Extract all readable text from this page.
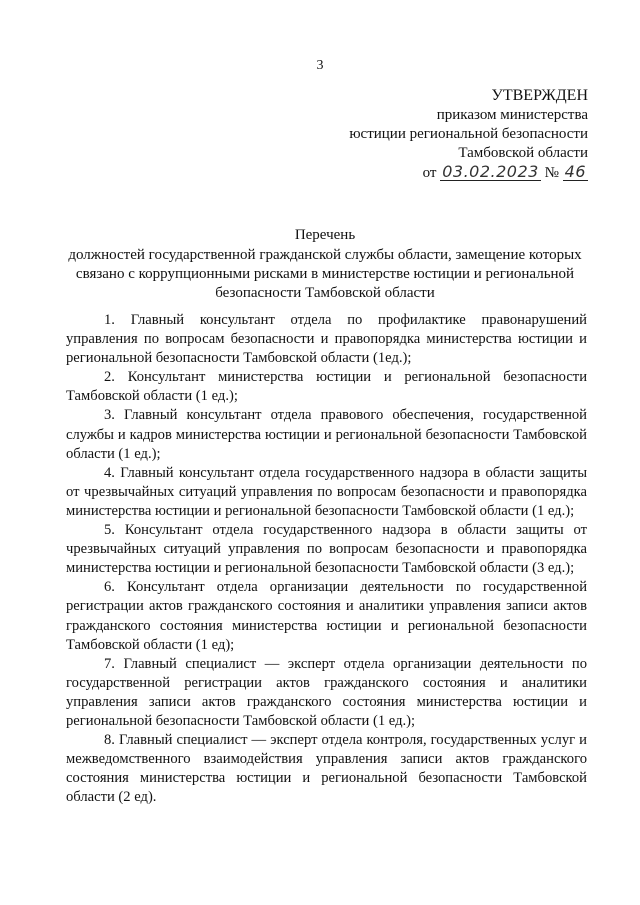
3
УТВЕРЖДЕН
приказом министерства
юстиции региональной безопасности
Тамбовской области
от 03.02.2023 № 46
Перечень
должностей государственной гражданской службы области, замещение которых связано с коррупционными рисками в министерстве юстиции и региональной безопасности Тамбовской области

1. Главный консультант отдела по профилактике правонарушений управления по вопросам безопасности и правопорядка министерства юстиции и региональной безопасности Тамбовской области (1ед.);

2. Консультант министерства юстиции и региональной безопасности Тамбовской области (1 ед.);

3. Главный консультант отдела правового обеспечения, государственной службы и кадров министерства юстиции и региональной безопасности Тамбовской области (1 ед.);

4. Главный консультант отдела государственного надзора в области защиты от чрезвычайных ситуаций управления по вопросам безопасности и правопорядка министерства юстиции и региональной безопасности Тамбовской области (1 ед.);

5. Консультант отдела государственного надзора в области защиты от чрезвычайных ситуаций управления по вопросам безопасности и правопорядка министерства юстиции и региональной безопасности Тамбовской области (3 ед.);

6. Консультант отдела организации деятельности по государственной регистрации актов гражданского состояния и аналитики управления записи актов гражданского состояния министерства юстиции и региональной безопасности Тамбовской области (1 ед);

7. Главный специалист — эксперт отдела организации деятельности по государственной регистрации актов гражданского состояния и аналитики управления записи актов гражданского состояния министерства юстиции и региональной безопасности Тамбовской области (1 ед.);

8. Главный специалист — эксперт отдела контроля, государственных услуг и межведомственного взаимодействия управления записи актов гражданского состояния министерства юстиции и региональной безопасности Тамбовской области (2 ед).
